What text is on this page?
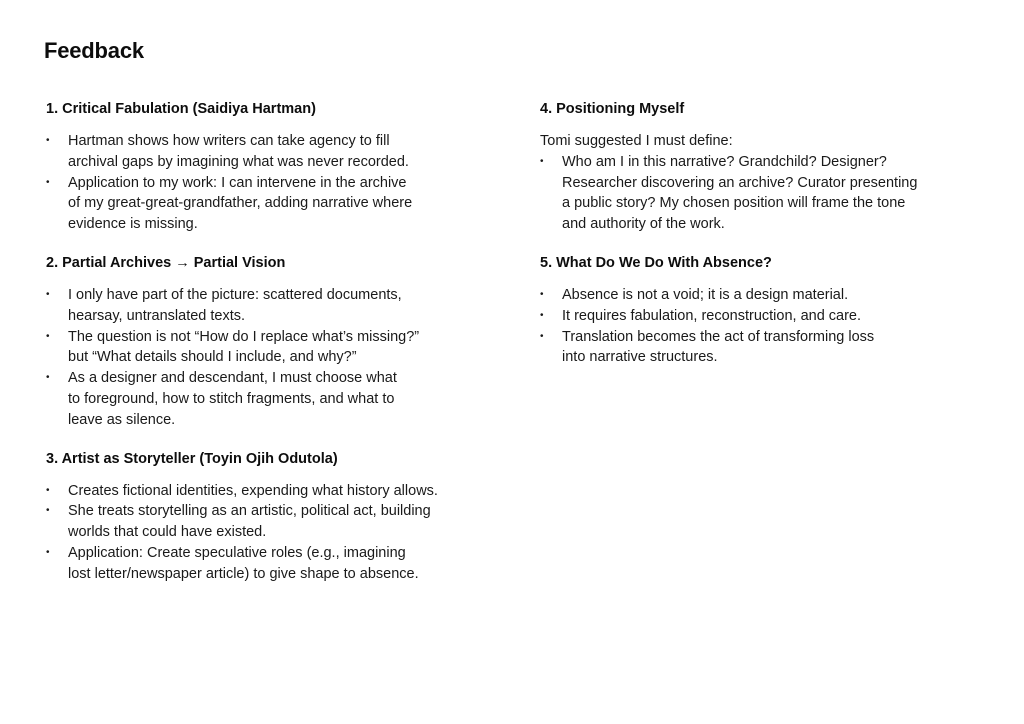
Feedback
1. Critical Fabulation (Saidiya Hartman)
•	Hartman shows how writers can take agency to fill
archival gaps by imagining what was never recorded.
•	Application to my work: I can intervene in the archive
of my great-great-grandfather, adding narrative where
evidence is missing.
2. Partial Archives → Partial Vision
•	I only have part of the picture: scattered documents,
hearsay, untranslated texts.
•	The question is not “How do I replace what’s missing?”
but “What details should I include, and why?”
•	As a designer and descendant, I must choose what
to foreground, how to stitch fragments, and what to
leave as silence.
3. Artist as Storyteller (Toyin Ojih Odutola)
•	Creates fictional identities, expending what history allows.
•	She treats storytelling as an artistic, political act, building
worlds that could have existed.
•	Application: Create speculative roles (e.g., imagining
lost letter/newspaper article) to give shape to absence.
4. Positioning Myself

Tomi suggested I must define:

•	Who am I in this narrative? Grandchild? Designer?
Researcher discovering an archive? Curator presenting
a public story? My chosen position will frame the tone
and authority of the work.
5. What Do We Do With Absence?
•	Absence is not a void; it is a design material.
•	It requires fabulation, reconstruction, and care.
•	Translation becomes the act of transforming loss
into narrative structures.
